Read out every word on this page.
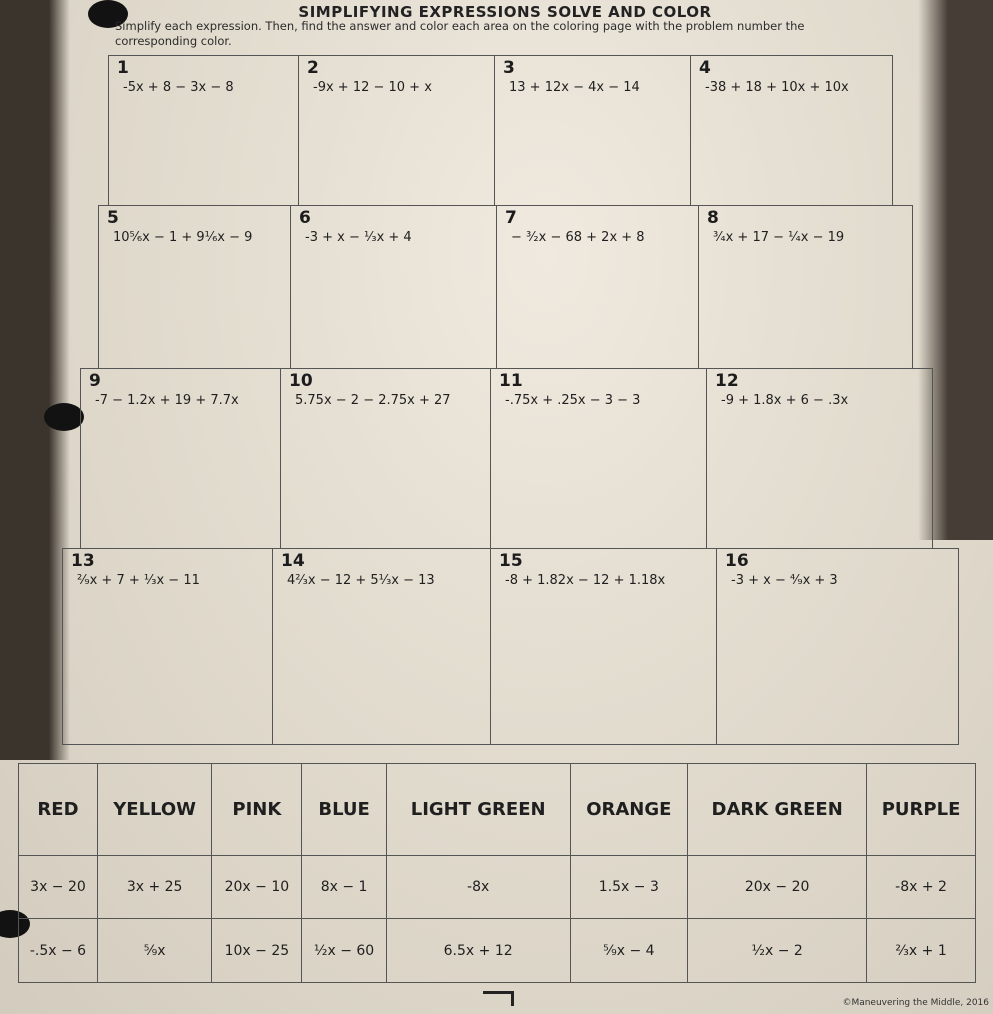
SIMPLIFYING EXPRESSIONS SOLVE AND COLOR
Simplify each expression. Then, find the answer and color each area on the coloring page with the problem number the corresponding color.
1
-5x + 8 − 3x − 8
2
-9x + 12 − 10 + x
3
13 + 12x − 4x − 14
4
-38 + 18 + 10x + 10x
5
10⁵⁄₆x − 1 + 9¹⁄₆x − 9
6
-3 + x − ¹⁄₃x + 4
7
− ³⁄₂x − 68 + 2x + 8
8
³⁄₄x + 17 − ¹⁄₄x − 19
9
-7 − 1.2x + 19 + 7.7x
10
5.75x − 2 − 2.75x + 27
11
-.75x + .25x − 3 − 3
12
-9 + 1.8x + 6 − .3x
13
²⁄₉x + 7 + ¹⁄₃x − 11
14
4²⁄₃x − 12 + 5¹⁄₃x − 13
15
-8 + 1.82x − 12 + 1.18x
16
-3 + x − ⁴⁄₉x + 3
RED	YELLOW	PINK	BLUE	LIGHT GREEN	ORANGE	DARK GREEN	PURPLE
3x − 20	3x + 25	20x − 10	8x − 1	-8x	1.5x − 3	20x − 20	-8x + 2
-.5x − 6	⁵⁄₉x	10x − 25	¹⁄₂x − 60	6.5x + 12	⁵⁄₉x − 4	¹⁄₂x − 2	²⁄₃x + 1
©Maneuvering the Middle, 2016
